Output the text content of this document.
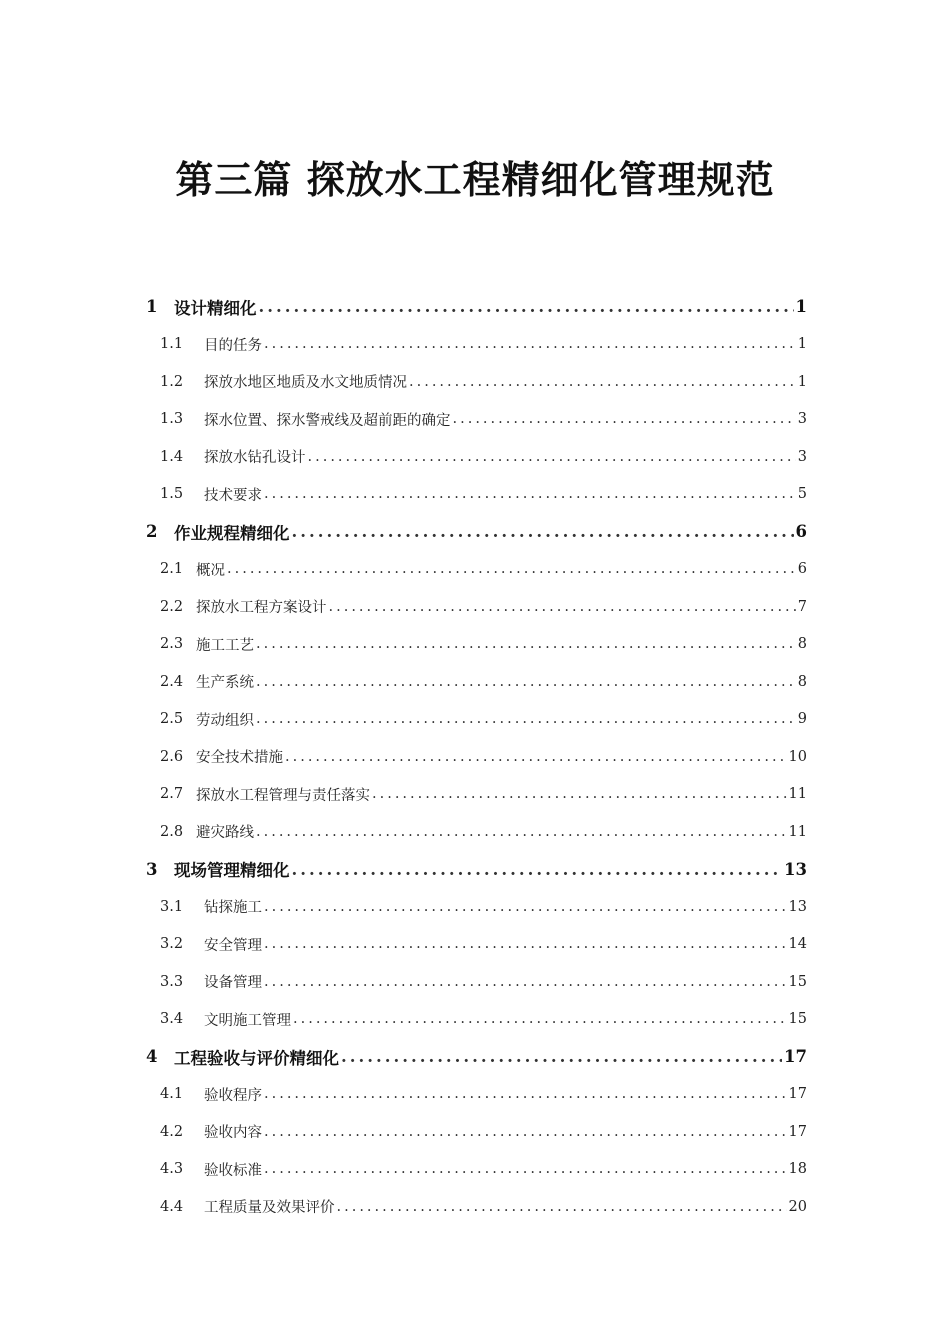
第三篇 探放水工程精细化管理规范
1	设计精细化 .....	1
1.1	目的任务 .....	1
1.2	探放水地区地质及水文地质情况 .....	1
1.3	探水位置、探水警戒线及超前距的确定 .....	3
1.4	探放水钻孔设计 .....	3
1.5	技术要求 .....	5
2	作业规程精细化 .....	6
2.1 概况 .....	6
2.2 探放水工程方案设计 .....	7
2.3 施工工艺 .....	8
2.4 生产系统 .....	8
2.5 劳动组织 .....	9
2.6 安全技术措施 .....	10
2.7 探放水工程管理与责任落实 .....	11
2.8 避灾路线 .....	11
3	现场管理精细化 .....	13
3.1	钻探施工 .....	13
3.2	安全管理 .....	14
3.3	设备管理 .....	15
3.4	文明施工管理 .....	15
4	工程验收与评价精细化 .....	17
4.1	验收程序 .....	17
4.2	验收内容 .....	17
4.3	验收标准 .....	18
4.4	工程质量及效果评价 .....	20
